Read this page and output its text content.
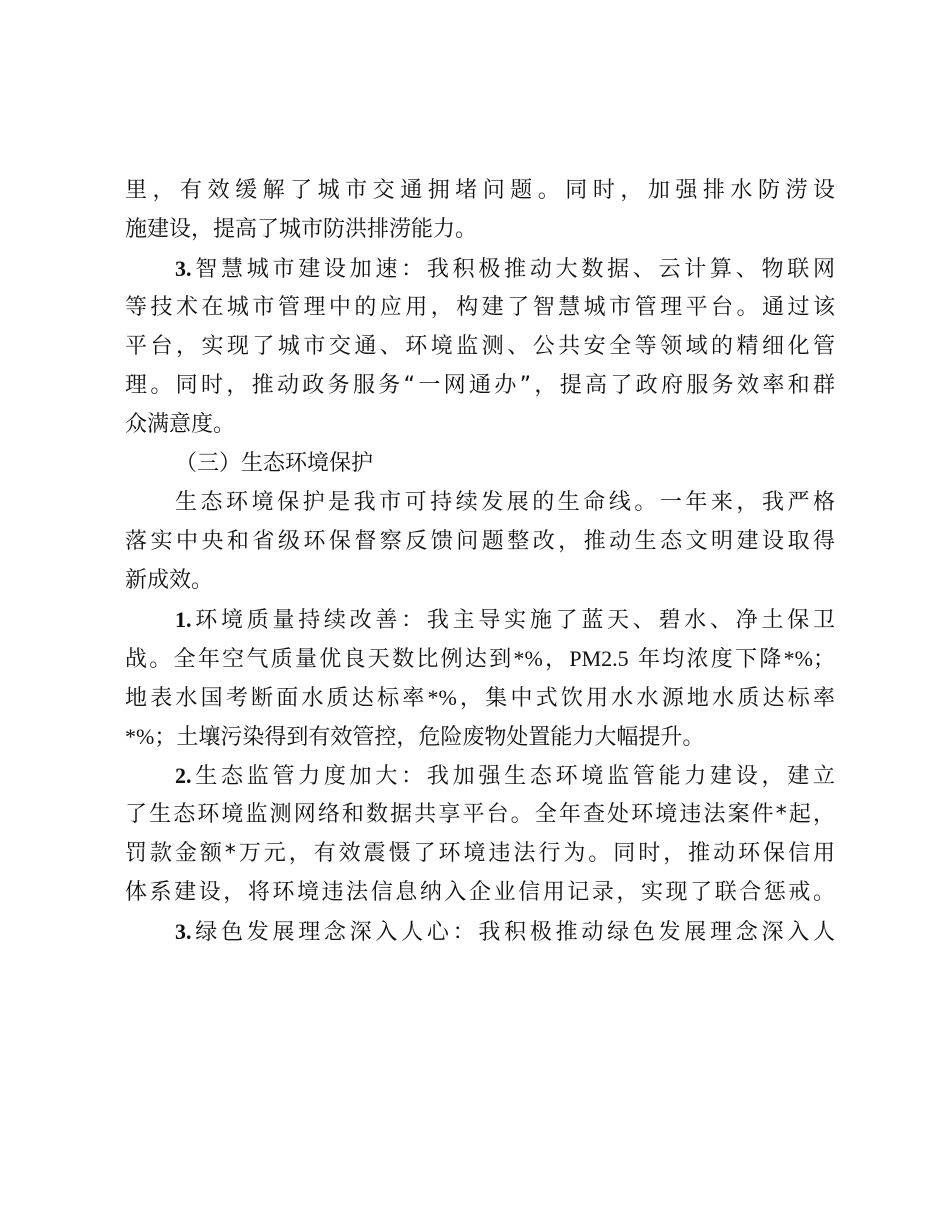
里，有效缓解了城市交通拥堵问题。同时，加强排水防涝设
施建设，提高了城市防洪排涝能力。
3.智慧城市建设加速：我积极推动大数据、云计算、物联网
等技术在城市管理中的应用，构建了智慧城市管理平台。通过该
平台，实现了城市交通、环境监测、公共安全等领域的精细化管
理。同时，推动政务服务“一网通办”，提高了政府服务效率和群
众满意度。
（三）生态环境保护
生态环境保护是我市可持续发展的生命线。一年来，我严格
落实中央和省级环保督察反馈问题整改，推动生态文明建设取得
新成效。
1.环境质量持续改善：我主导实施了蓝天、碧水、净土保卫
战。全年空气质量优良天数比例达到*%，PM2.5 年均浓度下降*%；
地表水国考断面水质达标率*%，集中式饮用水水源地水质达标率
*%；土壤污染得到有效管控，危险废物处置能力大幅提升。
2.生态监管力度加大：我加强生态环境监管能力建设，建立
了生态环境监测网络和数据共享平台。全年查处环境违法案件*起，
罚款金额*万元，有效震慑了环境违法行为。同时，推动环保信用
体系建设，将环境违法信息纳入企业信用记录，实现了联合惩戒。
3.绿色发展理念深入人心：我积极推动绿色发展理念深入人
